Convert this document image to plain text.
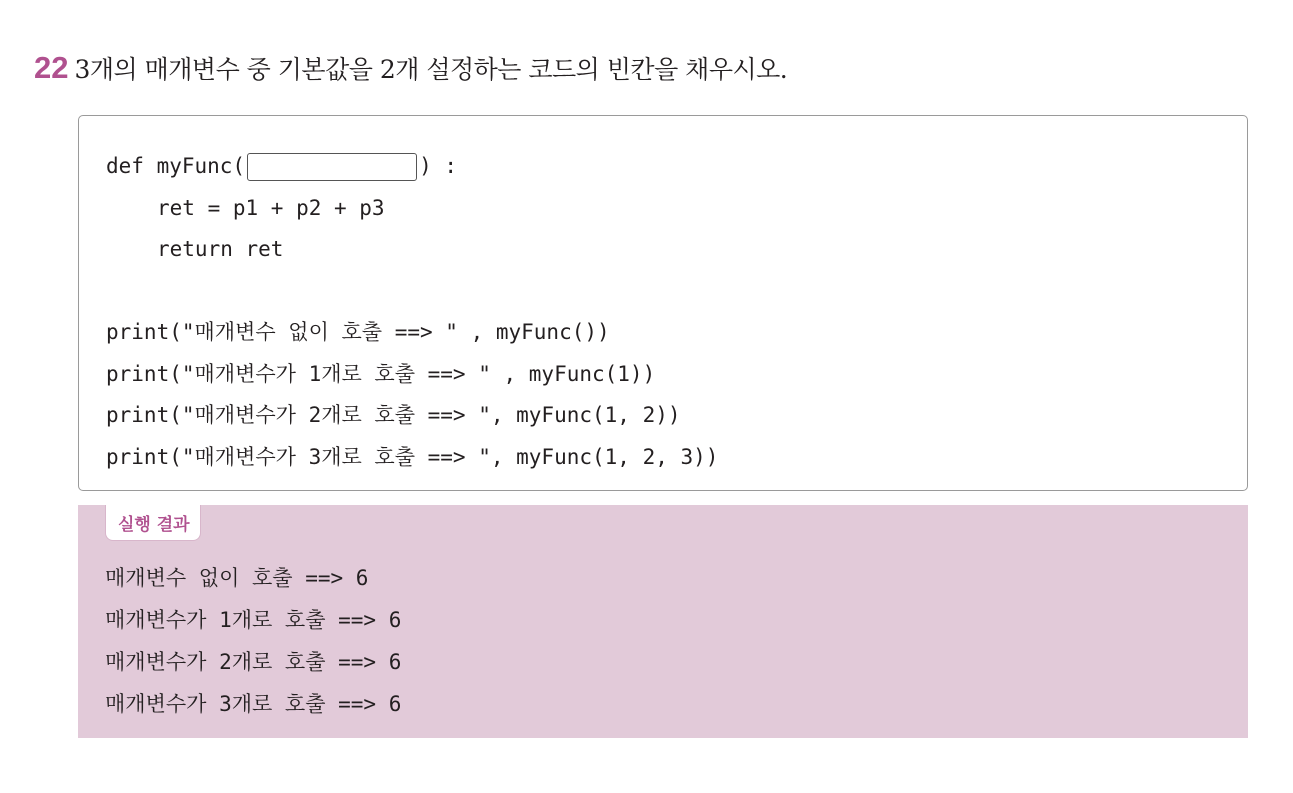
22 3개의 매개변수 중 기본값을 2개 설정하는 코드의 빈칸을 채우시오.
def myFunc(	) :
ret = p1 + p2 + p3
return ret
print("매개변수 없이 호출 ==> " , myFunc())
print("매개변수가 1개로 호출 ==> " , myFunc(1))
print("매개변수가 2개로 호출 ==> ", myFunc(1, 2))
print("매개변수가 3개로 호출 ==> ", myFunc(1, 2, 3))
실행 결과
매개변수 없이 호출 ==> 6
매개변수가 1개로 호출 ==> 6
매개변수가 2개로 호출 ==> 6
매개변수가 3개로 호출 ==> 6
